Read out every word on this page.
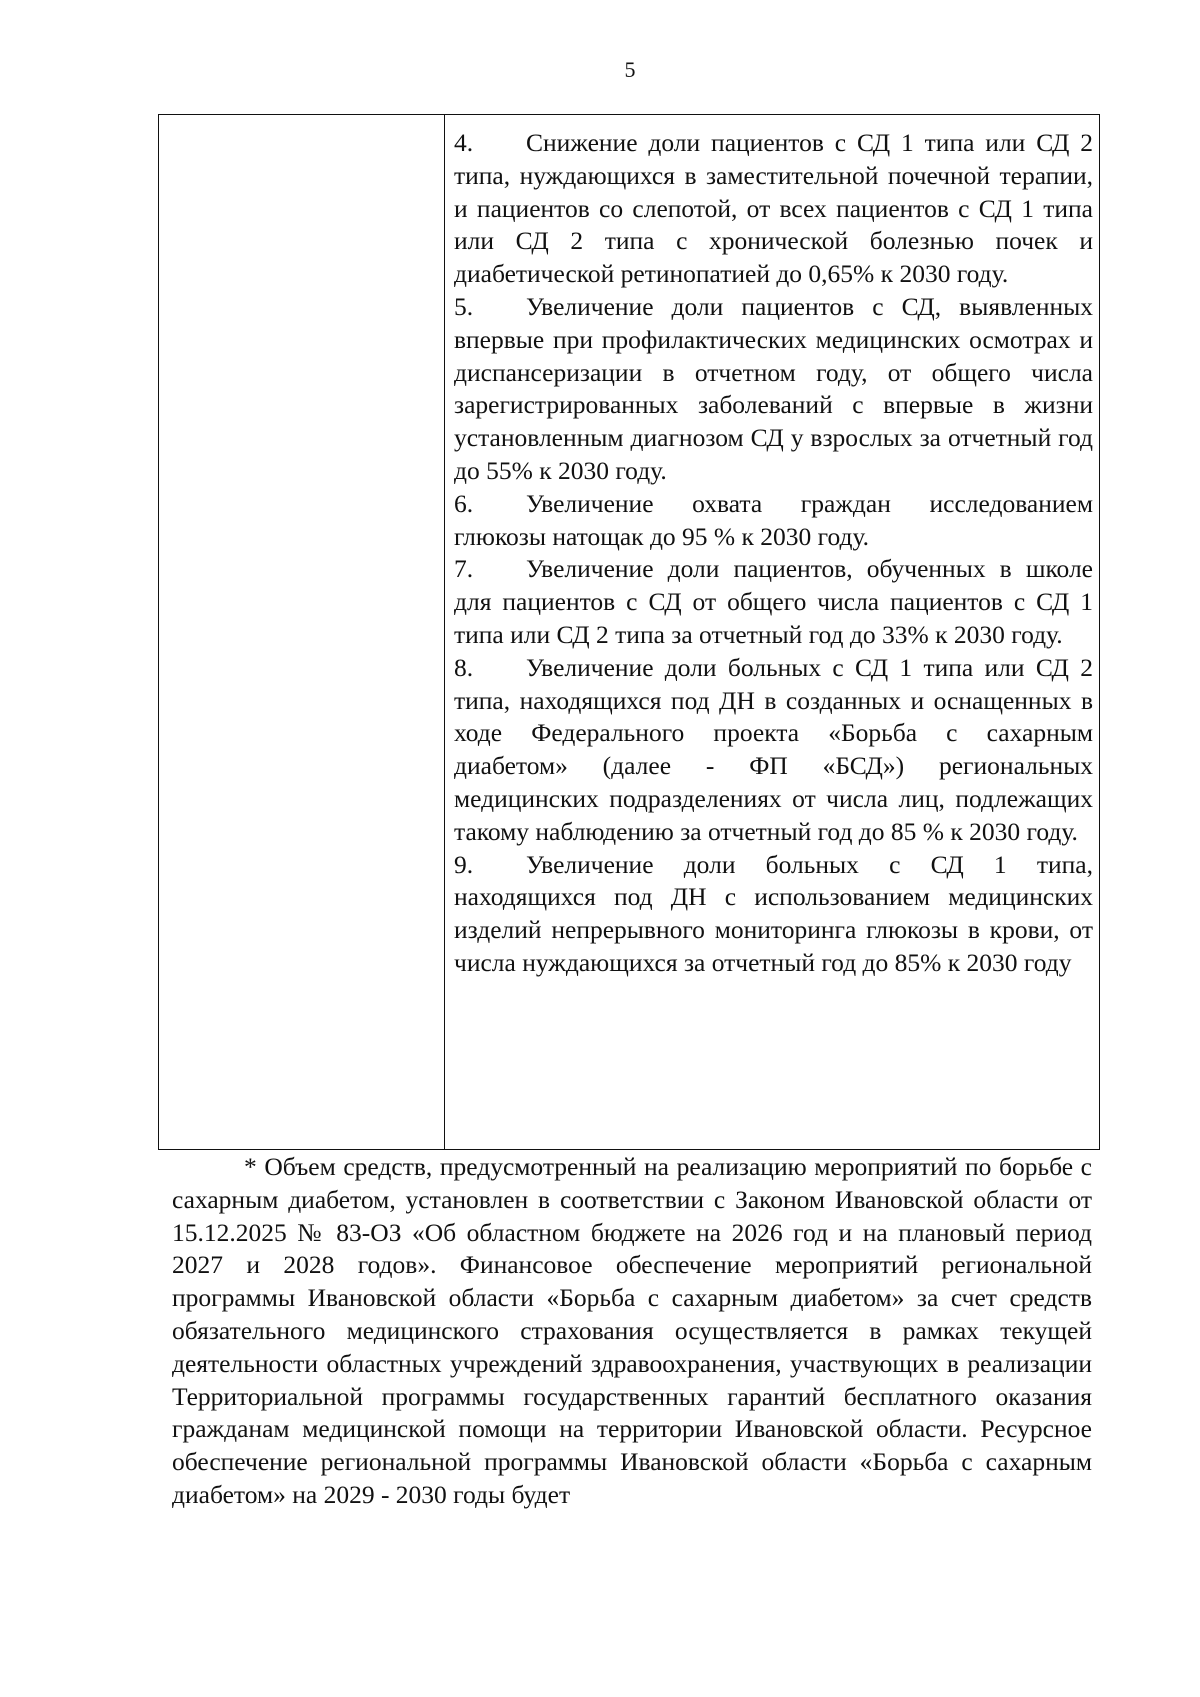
5

4. Снижение доли пациентов с СД 1 типа или СД 2 типа, нуждающихся в заместительной почечной терапии, и пациентов со слепотой, от всех пациентов с СД 1 типа или СД 2 типа с хронической болезнью почек и диабетической ретинопатией до 0,65% к 2030 году.

5. Увеличение доли пациентов с СД, выявленных впервые при профилактических медицинских осмотрах и диспансеризации в отчетном году, от общего числа зарегистрированных заболеваний с впервые в жизни установленным диагнозом СД у взрослых за отчетный год до 55% к 2030 году.

6. Увеличение охвата граждан исследованием глюкозы натощак до 95 % к 2030 году.

7. Увеличение доли пациентов, обученных в школе для пациентов с СД от общего числа пациентов с СД 1 типа или СД 2 типа за отчетный год до 33% к 2030 году.

8. Увеличение доли больных с СД 1 типа или СД 2 типа, находящихся под ДН в созданных и оснащенных в ходе Федерального проекта «Борьба с сахарным диабетом» (далее - ФП «БСД») региональных медицинских подразделениях от числа лиц, подлежащих такому наблюдению за отчетный год до 85 % к 2030 году.

9. Увеличение доли больных с СД 1 типа, находящихся под ДН с использованием медицинских изделий непрерывного мониторинга глюкозы в крови, от числа нуждающихся за отчетный год до 85% к 2030 году

* Объем средств, предусмотренный на реализацию мероприятий по борьбе с сахарным диабетом, установлен в соответствии с Законом Ивановской области от 15.12.2025 № 83-ОЗ «Об областном бюджете на 2026 год и на плановый период 2027 и 2028 годов». Финансовое обеспечение мероприятий региональной программы Ивановской области «Борьба с сахарным диабетом» за счет средств обязательного медицинского страхования осуществляется в рамках текущей деятельности областных учреждений здравоохранения, участвующих в реализации Территориальной программы государственных гарантий бесплатного оказания гражданам медицинской помощи на территории Ивановской области. Ресурсное обеспечение региональной программы Ивановской области «Борьба с сахарным диабетом» на 2029 - 2030 годы будет
